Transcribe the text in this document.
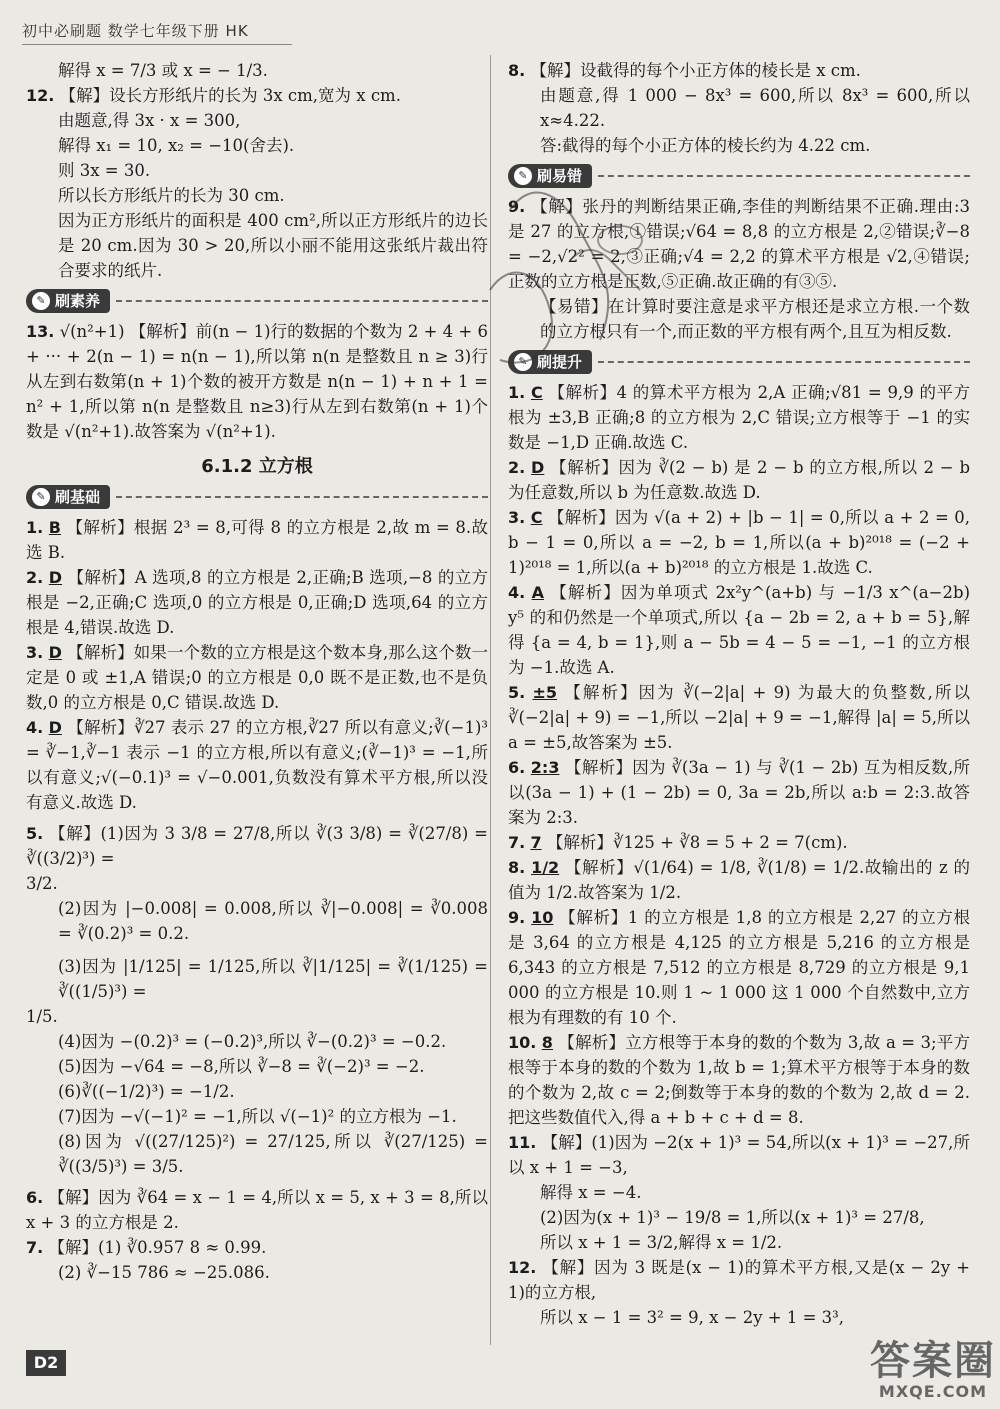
初中必刷题 数学七年级下册 HK
解得 x = 7/3 或 x = − 1/3.
12. 【解】设长方形纸片的长为 3x cm,宽为 x cm.
由题意,得 3x · x = 300,
解得 x₁ = 10, x₂ = −10(舍去).
则 3x = 30.
所以长方形纸片的长为 30 cm.
因为正方形纸片的面积是 400 cm²,所以正方形纸片的边长是 20 cm.因为 30 > 20,所以小丽不能用这张纸片裁出符合要求的纸片.
✎ 刷素养
13. √(n²+1) 【解析】前(n − 1)行的数据的个数为 2 + 4 + 6 + ··· + 2(n − 1) = n(n − 1),所以第 n(n 是整数且 n ≥ 3)行从左到右数第(n + 1)个数的被开方数是 n(n − 1) + n + 1 = n² + 1,所以第 n(n 是整数且 n≥3)行从左到右数第(n + 1)个数是 √(n²+1).故答案为 √(n²+1).
6.1.2 立方根
✎ 刷基础
1. B 【解析】根据 2³ = 8,可得 8 的立方根是 2,故 m = 8.故选 B.
2. D 【解析】A 选项,8 的立方根是 2,正确;B 选项,−8 的立方根是 −2,正确;C 选项,0 的立方根是 0,正确;D 选项,64 的立方根是 4,错误.故选 D.
3. D 【解析】如果一个数的立方根是这个数本身,那么这个数一定是 0 或 ±1,A 错误;0 的立方根是 0,0 既不是正数,也不是负数,0 的立方根是 0,C 错误.故选 D.
4. D 【解析】∛27 表示 27 的立方根,∛27 所以有意义;∛(−1)³ = ∛−1,∛−1 表示 −1 的立方根,所以有意义;(∛−1)³ = −1,所以有意义;√(−0.1)³ = √−0.001,负数没有算术平方根,所以没有意义.故选 D.
5. 【解】(1)因为 3 3/8 = 27/8,所以 ∛(3 3/8) = ∛(27/8) = ∛((3/2)³) =
3/2.
(2)因为 |−0.008| = 0.008,所以 ∛|−0.008| = ∛0.008 = ∛(0.2)³ = 0.2.
(3)因为 |1/125| = 1/125,所以 ∛|1/125| = ∛(1/125) = ∛((1/5)³) =
1/5.
(4)因为 −(0.2)³ = (−0.2)³,所以 ∛−(0.2)³ = −0.2.
(5)因为 −√64 = −8,所以 ∛−8 = ∛(−2)³ = −2.
(6)∛((−1/2)³) = −1/2.
(7)因为 −√(−1)² = −1,所以 √(−1)² 的立方根为 −1.
(8)因为 √((27/125)²) = 27/125,所以 ∛(27/125) = ∛((3/5)³) = 3/5.
6. 【解】因为 ∛64 = x − 1 = 4,所以 x = 5, x + 3 = 8,所以 x + 3 的立方根是 2.
7. 【解】(1) ∛0.957 8 ≈ 0.99.
(2) ∛−15 786 ≈ −25.086.
8. 【解】设截得的每个小正方体的棱长是 x cm.
由题意,得 1 000 − 8x³ = 600,所以 8x³ = 600,所以 x≈4.22.
答:截得的每个小正方体的棱长约为 4.22 cm.
✎ 刷易错
9. 【解】张丹的判断结果正确,李佳的判断结果不正确.理由:3 是 27 的立方根,①错误;√64 = 8,8 的立方根是 2,②错误;∛−8 = −2,√2² = 2,③正确;√4 = 2,2 的算术平方根是 √2,④错误;正数的立方根是正数,⑤正确.故正确的有③⑤.
【易错】在计算时要注意是求平方根还是求立方根.一个数的立方根只有一个,而正数的平方根有两个,且互为相反数.
✎ 刷提升
1. C 【解析】4 的算术平方根为 2,A 正确;√81 = 9,9 的平方根为 ±3,B 正确;8 的立方根为 2,C 错误;立方根等于 −1 的实数是 −1,D 正确.故选 C.
2. D 【解析】因为 ∛(2 − b) 是 2 − b 的立方根,所以 2 − b 为任意数,所以 b 为任意数.故选 D.
3. C 【解析】因为 √(a + 2) + |b − 1| = 0,所以 a + 2 = 0, b − 1 = 0,所以 a = −2, b = 1,所以(a + b)²⁰¹⁸ = (−2 + 1)²⁰¹⁸ = 1,所以(a + b)²⁰¹⁸ 的立方根是 1.故选 C.
4. A 【解析】因为单项式 2x²y^(a+b) 与 −1/3 x^(a−2b) y⁵ 的和仍然是一个单项式,所以 {a − 2b = 2, a + b = 5},解得 {a = 4, b = 1},则 a − 5b = 4 − 5 = −1, −1 的立方根为 −1.故选 A.
5. ±5 【解析】因为 ∛(−2|a| + 9) 为最大的负整数,所以 ∛(−2|a| + 9) = −1,所以 −2|a| + 9 = −1,解得 |a| = 5,所以 a = ±5,故答案为 ±5.
6. 2:3 【解析】因为 ∛(3a − 1) 与 ∛(1 − 2b) 互为相反数,所以(3a − 1) + (1 − 2b) = 0, 3a = 2b,所以 a:b = 2:3.故答案为 2:3.
7. 7 【解析】∛125 + ∛8 = 5 + 2 = 7(cm).
8. 1/2 【解析】√(1/64) = 1/8, ∛(1/8) = 1/2.故输出的 z 的值为 1/2.故答案为 1/2.
9. 10 【解析】1 的立方根是 1,8 的立方根是 2,27 的立方根是 3,64 的立方根是 4,125 的立方根是 5,216 的立方根是 6,343 的立方根是 7,512 的立方根是 8,729 的立方根是 9,1 000 的立方根是 10.则 1 ~ 1 000 这 1 000 个自然数中,立方根为有理数的有 10 个.
10. 8 【解析】立方根等于本身的数的个数为 3,故 a = 3;平方根等于本身的数的个数为 1,故 b = 1;算术平方根等于本身的数的个数为 2,故 c = 2;倒数等于本身的数的个数为 2,故 d = 2.把这些数值代入,得 a + b + c + d = 8.
11. 【解】(1)因为 −2(x + 1)³ = 54,所以(x + 1)³ = −27,所以 x + 1 = −3,
解得 x = −4.
(2)因为(x + 1)³ − 19/8 = 1,所以(x + 1)³ = 27/8,
所以 x + 1 = 3/2,解得 x = 1/2.
12. 【解】因为 3 既是(x − 1)的算术平方根,又是(x − 2y + 1)的立方根,
所以 x − 1 = 3² = 9, x − 2y + 1 = 3³,
D2	答案圈
MXQE.COM
